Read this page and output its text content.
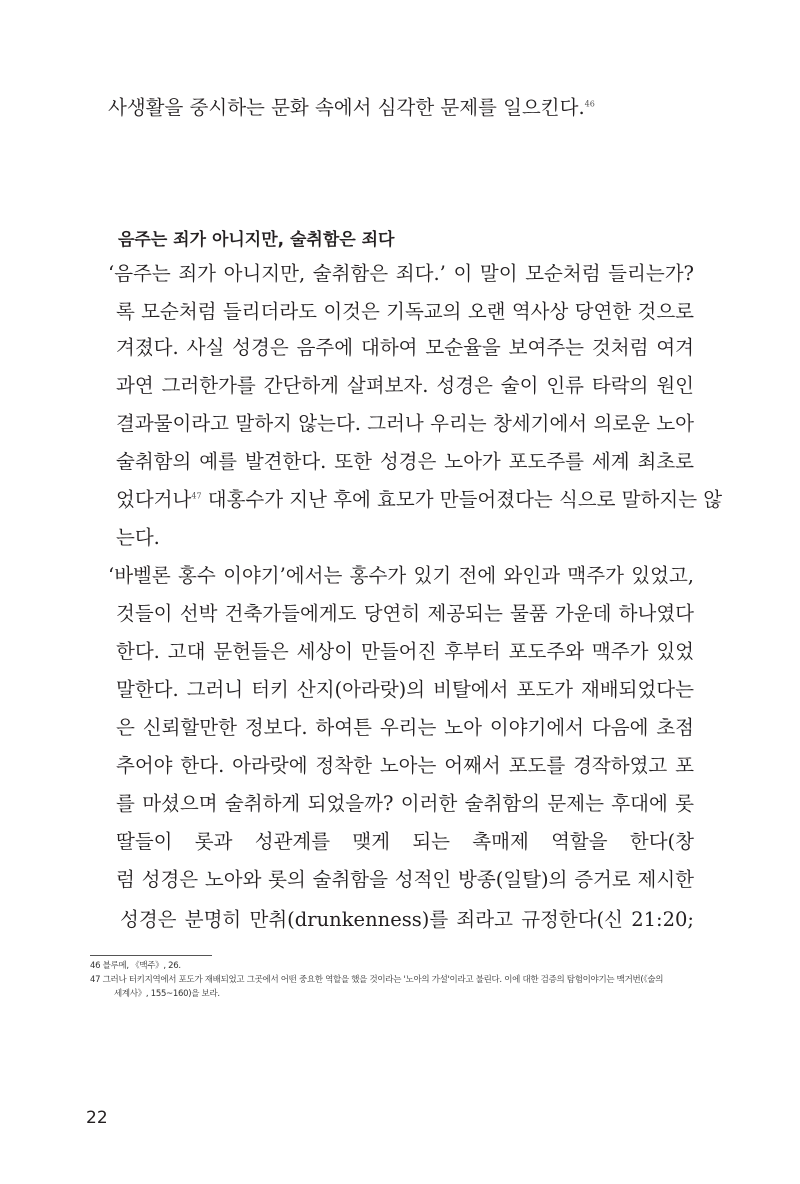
사생활을 중시하는 문화 속에서 심각한 문제를 일으킨다.$^{46}$
음주는 죄가 아니지만, 술취함은 죄다
‘음주는 죄가 아니지만, 술취함은 죄다.’ 이 말이 모순처럼 들리는가?
록 모순처럼 들리더라도 이것은 기독교의 오랜 역사상 당연한 것으로
겨졌다. 사실 성경은 음주에 대하여 모순율을 보여주는 것처럼 여겨
과연 그러한가를 간단하게 살펴보자. 성경은 술이 인류 타락의 원인
결과물이라고 말하지 않는다. 그러나 우리는 창세기에서 의로운 노아
술취함의 예를 발견한다. 또한 성경은 노아가 포도주를 세계 최초로
었다거나$^{47}$ 대홍수가 지난 후에 효모가 만들어졌다는 식으로 말하지는 않
는다.
‘바벨론 홍수 이야기’에서는 홍수가 있기 전에 와인과 맥주가 있었고,
것들이 선박 건축가들에게도 당연히 제공되는 물품 가운데 하나였다
한다. 고대 문헌들은 세상이 만들어진 후부터 포도주와 맥주가 있었
말한다. 그러니 터키 산지(아라랏)의 비탈에서 포도가 재배되었다는
은 신뢰할만한 정보다. 하여튼 우리는 노아 이야기에서 다음에 초점
추어야 한다. 아라랏에 정착한 노아는 어째서 포도를 경작하였고 포
를 마셨으며 술취하게 되었을까? 이러한 술취함의 문제는 후대에 롯
딸들이 롯과 성관계를 맺게 되는 촉매제 역할을 한다(창
럼 성경은 노아와 롯의 술취함을 성적인 방종(일탈)의 증거로 제시한
성경은 분명히 만취(drunkenness)를 죄라고 규정한다(신 21:20;
46 블루메, 《맥주》, 26.
47 그러나 터키지역에서 포도가 재배되었고 그곳에서 어떤 중요한 역할을 했을 것이라는 '노아의 가설'이라고 불린다. 이에 대한 검증의 탐험이야기는 맥거번(《술의
세계사》, 155~160)을 보라.
22
